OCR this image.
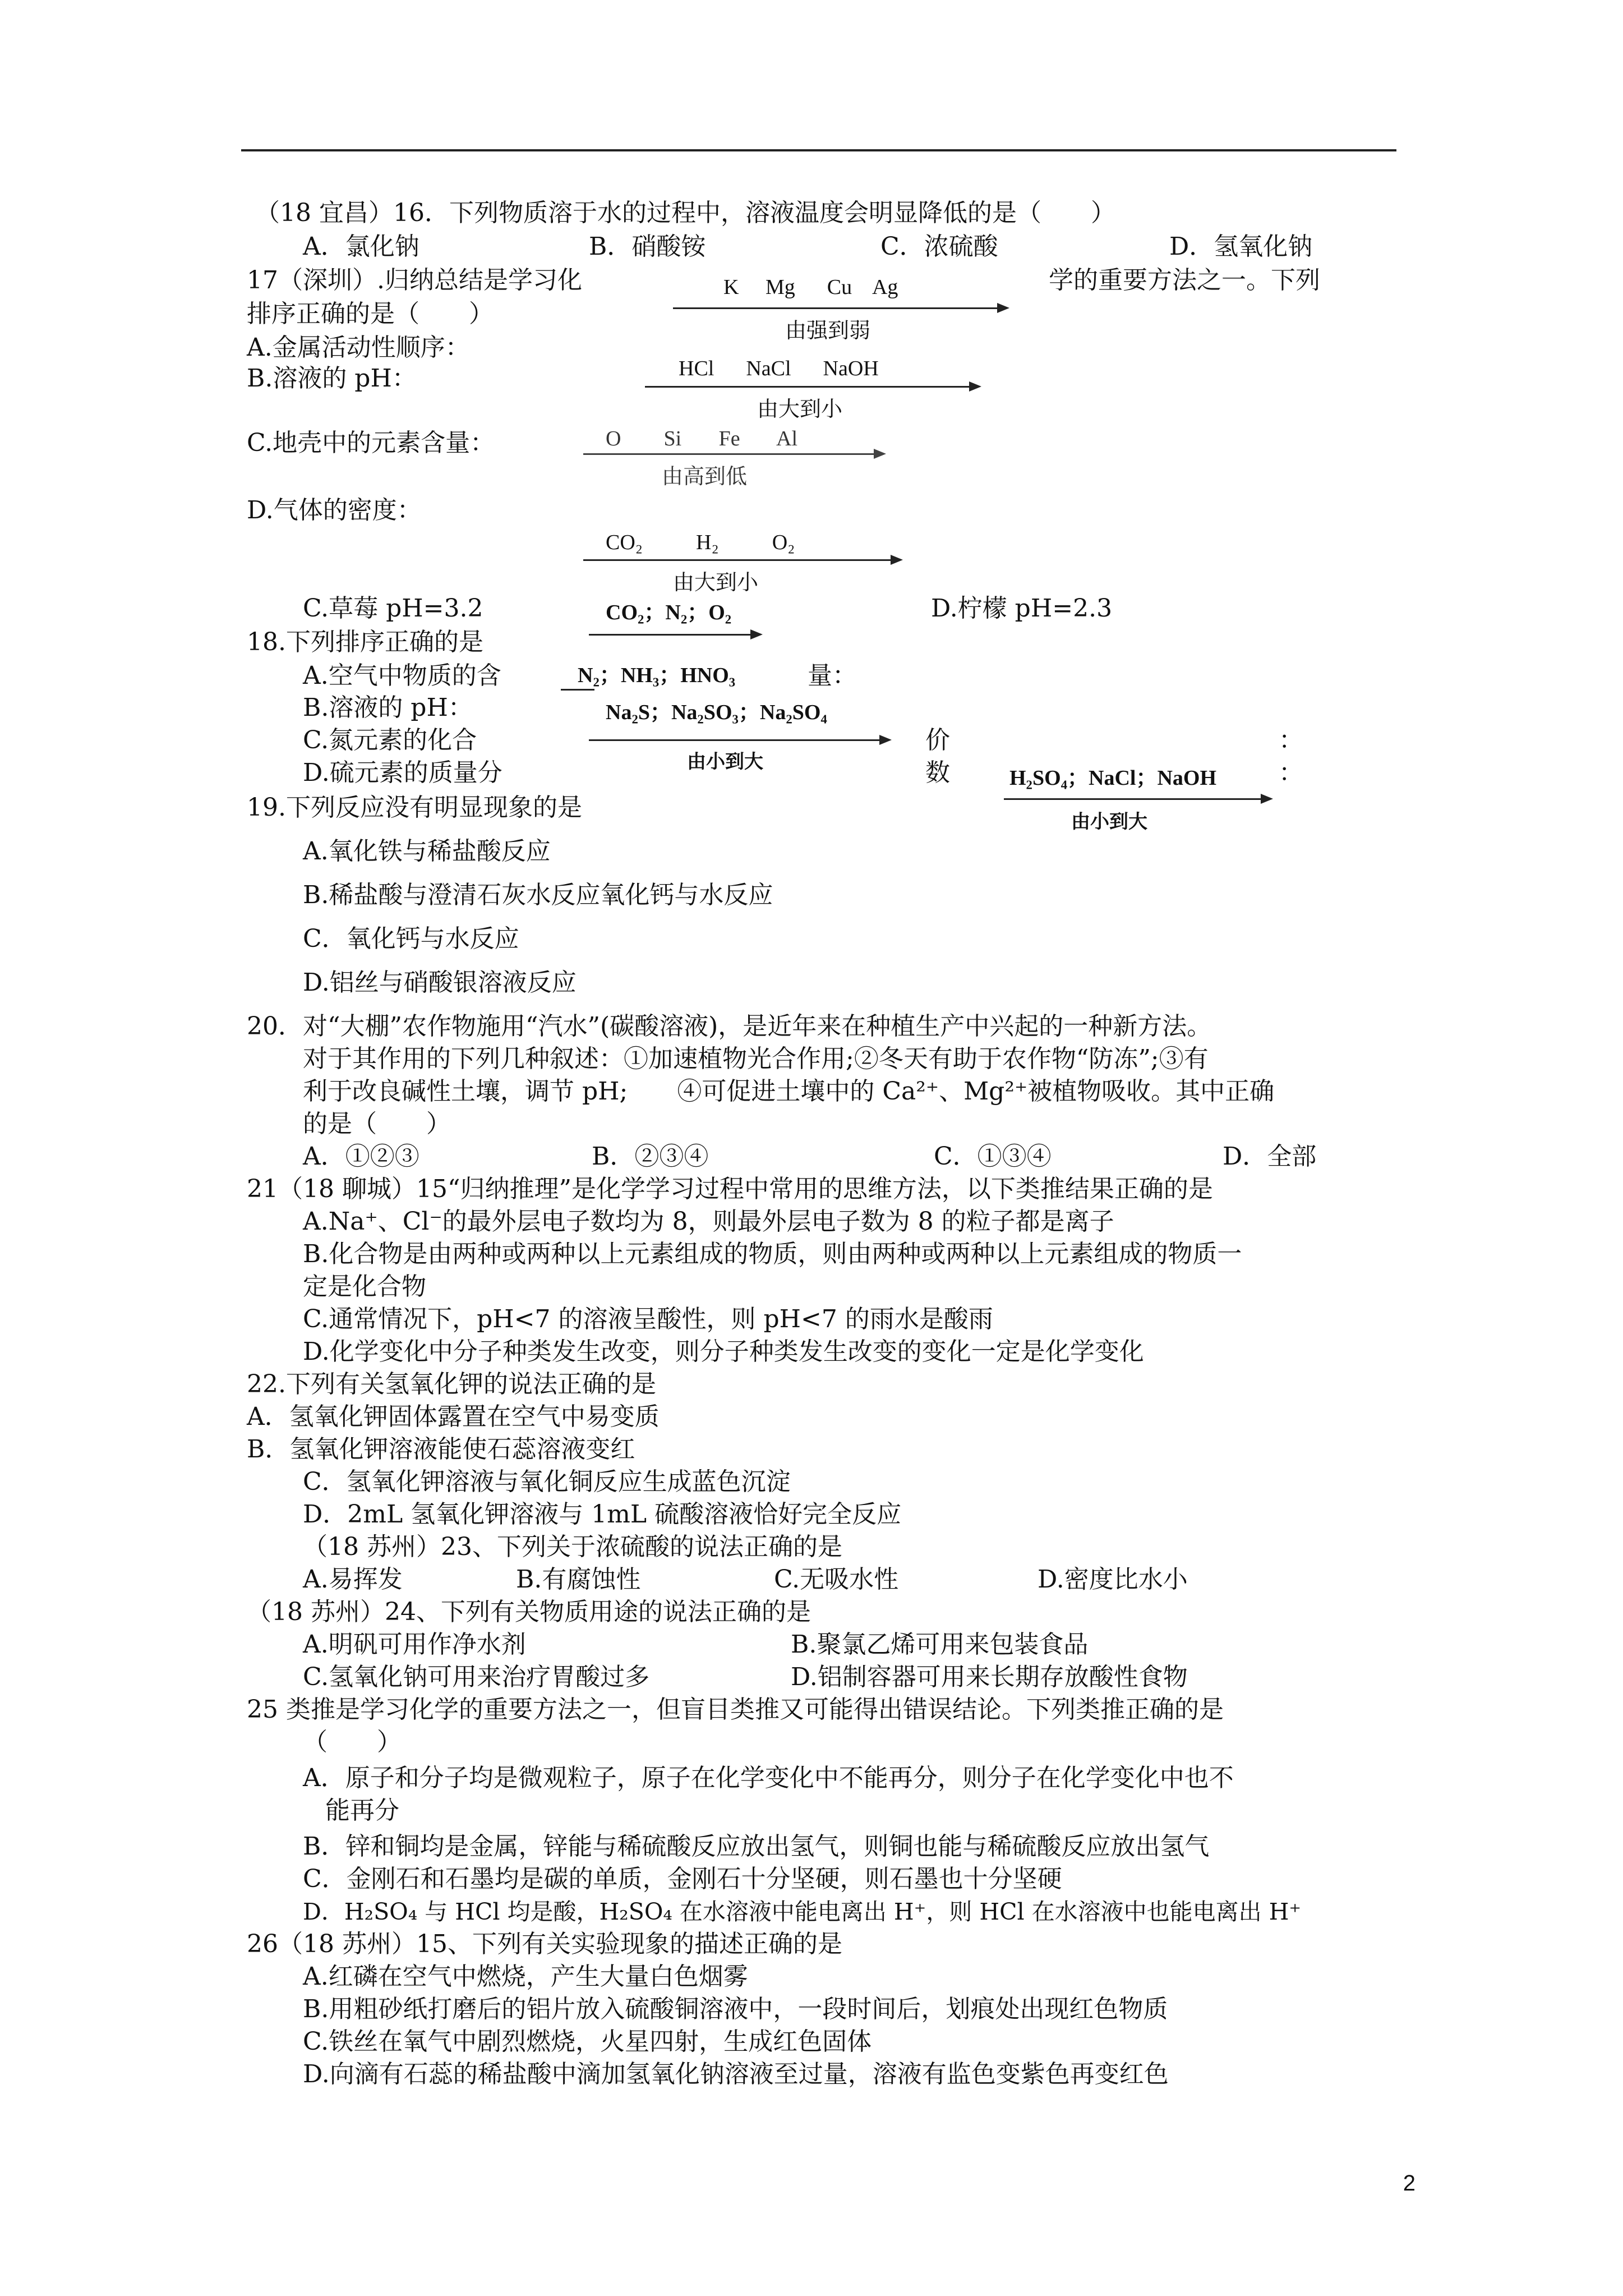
（18 宜昌）16．下列物质溶于水的过程中，溶液温度会明显降低的是（　　）
A．氯化钠	B．硝酸铵	C．浓硫酸	D．氢氧化钠
17（深圳）.归纳总结是学习化	学的重要方法之一。下列
排序正确的是（　　）
A.金属活动性顺序：
B.溶液的 pH：
C.地壳中的元素含量：
D.气体的密度：
K     Mg      Cu    Ag
由强到弱
HCl      NaCl      NaOH
由大到小
O        Si       Fe       Al
由高到低
CO₂          H₂          O₂
由大到小
C.草莓 pH=3.2	D.柠檬 pH=2.3
18.下列排序正确的是
A.空气中物质的含	量：
B.溶液的 pH：
C.氮元素的化合	价	：
D.硫元素的质量分	数	：
CO₂；N₂；O₂
N₂；NH₃；HNO₃
Na₂S；Na₂SO₃；Na₂SO₄
由小到大
H₂SO₄；NaCl；NaOH
由小到大
19.下列反应没有明显现象的是
A.氧化铁与稀盐酸反应
B.稀盐酸与澄清石灰水反应氧化钙与水反应
C．氧化钙与水反应
D.铝丝与硝酸银溶液反应
20．对“大棚”农作物施用“汽水”(碳酸溶液)，是近年来在种植生产中兴起的一种新方法。
对于其作用的下列几种叙述：①加速植物光合作用;②冬天有助于农作物“防冻”;③有
利于改良碱性土壤，调节 pH;　　④可促进土壤中的 Ca²⁺、Mg²⁺被植物吸收。其中正确
的是（　　）
A．①②③	B．②③④	C．①③④	D．全部
21（18 聊城）15“归纳推理”是化学学习过程中常用的思维方法，以下类推结果正确的是
A.Na⁺、Cl⁻的最外层电子数均为 8，则最外层电子数为 8 的粒子都是离子
B.化合物是由两种或两种以上元素组成的物质，则由两种或两种以上元素组成的物质一
定是化合物
C.通常情况下，pH<7 的溶液呈酸性，则 pH<7 的雨水是酸雨
D.化学变化中分子种类发生改变，则分子种类发生改变的变化一定是化学变化
22.下列有关氢氧化钾的说法正确的是
A．氢氧化钾固体露置在空气中易变质
B．氢氧化钾溶液能使石蕊溶液变红
C．氢氧化钾溶液与氧化铜反应生成蓝色沉淀
D．2mL 氢氧化钾溶液与 1mL 硫酸溶液恰好完全反应
（18 苏州）23、下列关于浓硫酸的说法正确的是
A.易挥发	B.有腐蚀性	C.无吸水性	D.密度比水小
（18 苏州）24、下列有关物质用途的说法正确的是
A.明矾可用作净水剂	B.聚氯乙烯可用来包装食品
C.氢氧化钠可用来治疗胃酸过多	D.铝制容器可用来长期存放酸性食物
25 类推是学习化学的重要方法之一，但盲目类推又可能得出错误结论。下列类推正确的是
（　　）
A．原子和分子均是微观粒子，原子在化学变化中不能再分，则分子在化学变化中也不
能再分
B．锌和铜均是金属，锌能与稀硫酸反应放出氢气，则铜也能与稀硫酸反应放出氢气
C．金刚石和石墨均是碳的单质，金刚石十分坚硬，则石墨也十分坚硬
D．H₂SO₄ 与 HCl 均是酸，H₂SO₄ 在水溶液中能电离出 H⁺，则 HCl 在水溶液中也能电离出 H⁺
26（18 苏州）15、下列有关实验现象的描述正确的是
A.红磷在空气中燃烧，产生大量白色烟雾
B.用粗砂纸打磨后的铝片放入硫酸铜溶液中，一段时间后，划痕处出现红色物质
C.铁丝在氧气中剧烈燃烧，火星四射，生成红色固体
D.向滴有石蕊的稀盐酸中滴加氢氧化钠溶液至过量，溶液有监色变紫色再变红色
2
